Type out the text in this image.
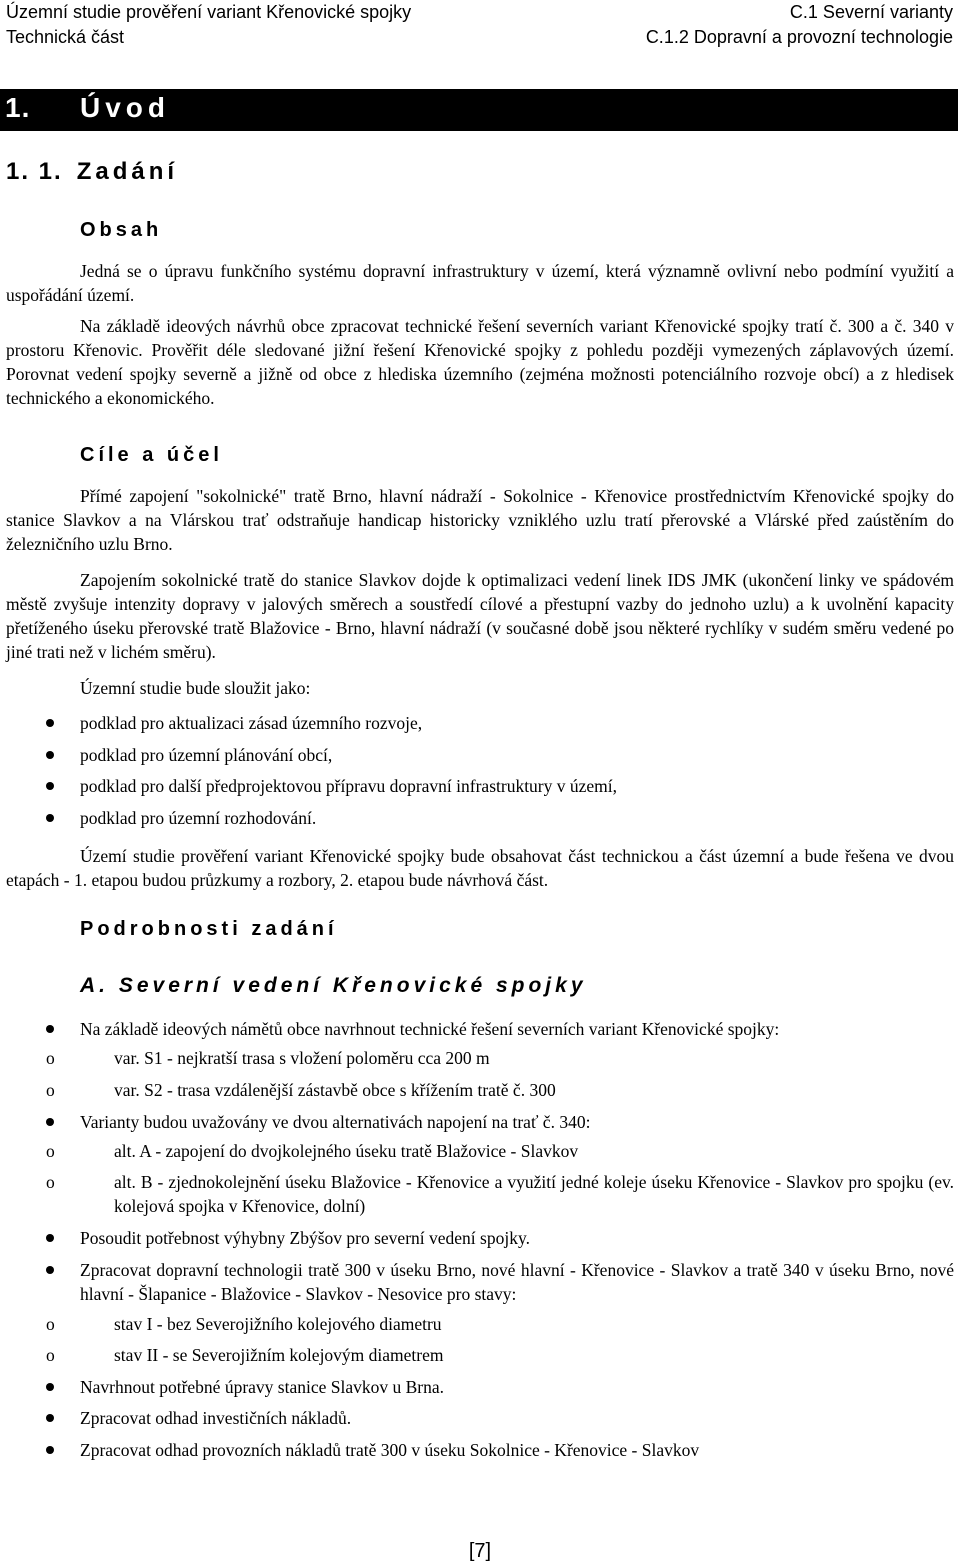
Územní studie prověření variant Křenovické spojky
Technická část
C.1 Severní varianty
C.1.2 Dopravní a provozní technologie
1. Úvod
1. 1. Zadání
Obsah

Jedná se o úpravu funkčního systému dopravní infrastruktury v území, která významně ovlivní nebo podmíní využití a uspořádání území.

Na základě ideových návrhů obce zpracovat technické řešení severních variant Křenovické spojky tratí č. 300 a č. 340 v prostoru Křenovic. Prověřit déle sledované jižní řešení Křenovické spojky z pohledu později vymezených záplavových území. Porovnat vedení spojky severně a jižně od obce z hlediska územního (zejména možnosti potenciálního rozvoje obcí) a z hledisek technického a ekonomického.

Cíle a účel

Přímé zapojení "sokolnické" tratě Brno, hlavní nádraží - Sokolnice - Křenovice prostřednictvím Křenovické spojky do stanice Slavkov a na Vlárskou trať odstraňuje handicap historicky vzniklého uzlu tratí přerovské a Vlárské před zaústěním do železničního uzlu Brno.

Zapojením sokolnické tratě do stanice Slavkov dojde k optimalizaci vedení linek IDS JMK (ukončení linky ve spádovém městě zvyšuje intenzity dopravy v jalových směrech a soustředí cílové a přestupní vazby do jednoho uzlu) a k uvolnění kapacity přetíženého úseku přerovské tratě Blažovice - Brno, hlavní nádraží (v současné době jsou některé rychlíky v sudém směru vedené po jiné trati než v lichém směru).

Územní studie bude sloužit jako:

podklad pro aktualizaci zásad územního rozvoje,
podklad pro územní plánování obcí,
podklad pro další předprojektovou přípravu dopravní infrastruktury v území,
podklad pro územní rozhodování.

Území studie prověření variant Křenovické spojky bude obsahovat část technickou a část územní a bude řešena ve dvou etapách - 1. etapou budou průzkumy a rozbory, 2. etapou bude návrhová část.

Podrobnosti zadání
A. Severní vedení Křenovické spojky
Na základě ideových námětů obce navrhnout technické řešení severních variant Křenovické spojky:
o	var. S1 - nejkratší trasa s vložení poloměru cca 200 m
o	var. S2 - trasa vzdálenější zástavbě obce s křížením tratě č. 300
Varianty budou uvažovány ve dvou alternativách napojení na trať č. 340:
o	alt. A - zapojení do dvojkolejného úseku tratě Blažovice - Slavkov
o	alt. B - zjednokolejnění úseku Blažovice - Křenovice a využití jedné koleje úseku Křenovice - Slavkov pro spojku (ev. kolejová spojka v Křenovice, dolní)
Posoudit potřebnost výhybny Zbýšov pro severní vedení spojky.
Zpracovat dopravní technologii tratě 300 v úseku Brno, nové hlavní - Křenovice - Slavkov a tratě 340 v úseku Brno, nové hlavní - Šlapanice - Blažovice - Slavkov - Nesovice pro stavy:
o	stav I - bez Severojižního kolejového diametru
o	stav II - se Severojižním kolejovým diametrem
Navrhnout potřebné úpravy stanice Slavkov u Brna.
Zpracovat odhad investičních nákladů.
Zpracovat odhad provozních nákladů tratě 300 v úseku Sokolnice - Křenovice - Slavkov
[7]
